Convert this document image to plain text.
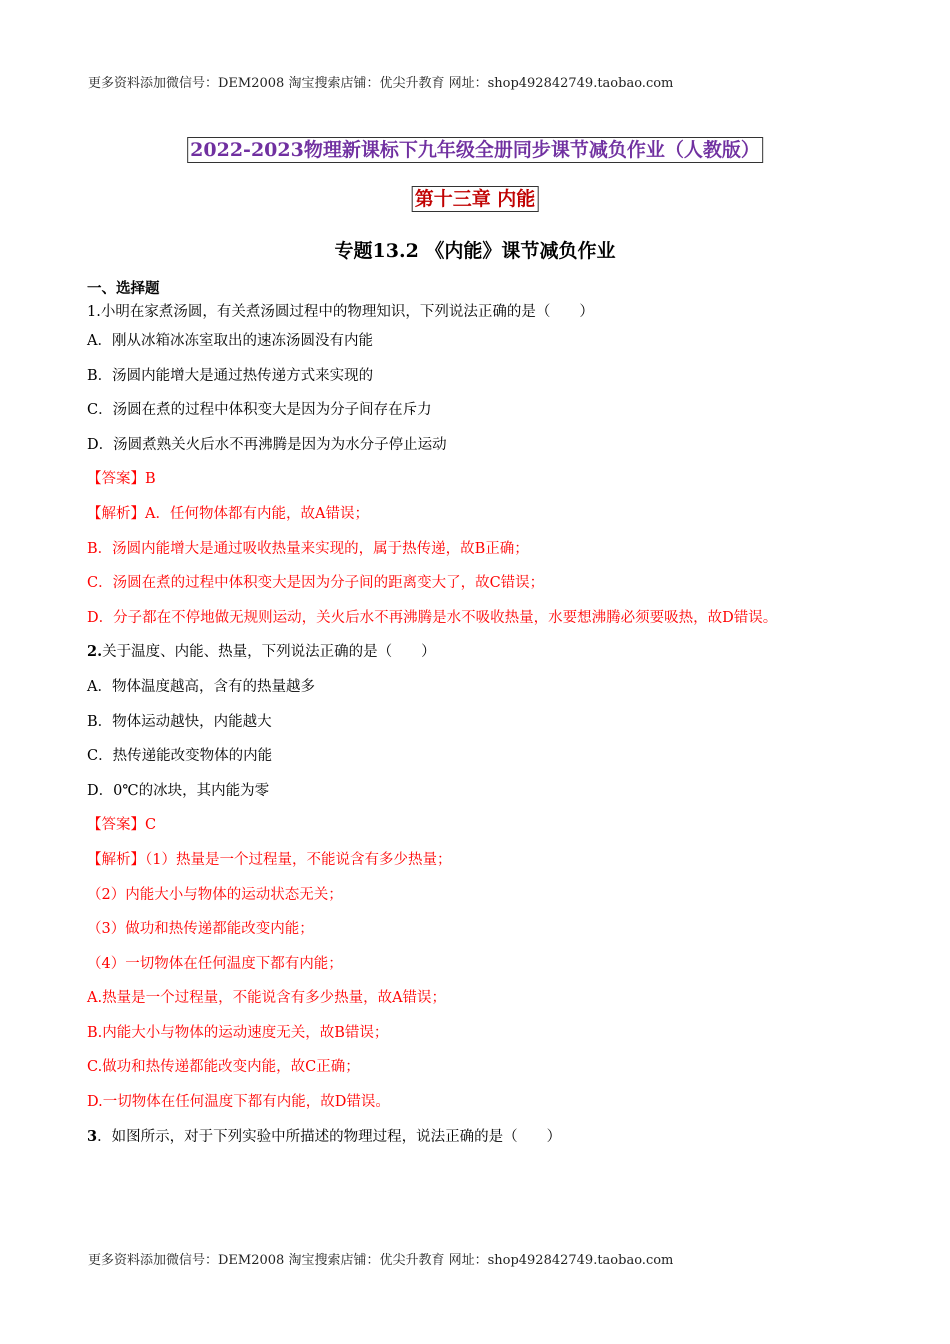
更多资料添加微信号：DEM2008 淘宝搜索店铺：优尖升教育 网址：shop492842749.taobao.com
2022-2023物理新课标下九年级全册同步课节减负作业（人教版）
第十三章 内能
专题13.2 《内能》课节减负作业
一、选择题
1.小明在家煮汤圆，有关煮汤圆过程中的物理知识，下列说法正确的是（　　）
A．刚从冰箱冰冻室取出的速冻汤圆没有内能
B．汤圆内能增大是通过热传递方式来实现的
C．汤圆在煮的过程中体积变大是因为分子间存在斥力
D．汤圆煮熟关火后水不再沸腾是因为为水分子停止运动
【答案】B
【解析】A．任何物体都有内能，故A错误；
B．汤圆内能增大是通过吸收热量来实现的，属于热传递，故B正确；
C．汤圆在煮的过程中体积变大是因为分子间的距离变大了，故C错误；
D．分子都在不停地做无规则运动，关火后水不再沸腾是水不吸收热量，水要想沸腾必须要吸热，故D错误。
2.关于温度、内能、热量，下列说法正确的是（　　）
A．物体温度越高，含有的热量越多
B．物体运动越快，内能越大
C．热传递能改变物体的内能
D．0℃的冰块，其内能为零
【答案】C
【解析】（1）热量是一个过程量，不能说含有多少热量；
（2）内能大小与物体的运动状态无关；
（3）做功和热传递都能改变内能；
（4）一切物体在任何温度下都有内能；
A.热量是一个过程量，不能说含有多少热量，故A错误；
B.内能大小与物体的运动速度无关，故B错误；
C.做功和热传递都能改变内能，故C正确；
D.一切物体在任何温度下都有内能，故D错误。
3．如图所示，对于下列实验中所描述的物理过程，说法正确的是（　　）
更多资料添加微信号：DEM2008 淘宝搜索店铺：优尖升教育 网址：shop492842749.taobao.com
